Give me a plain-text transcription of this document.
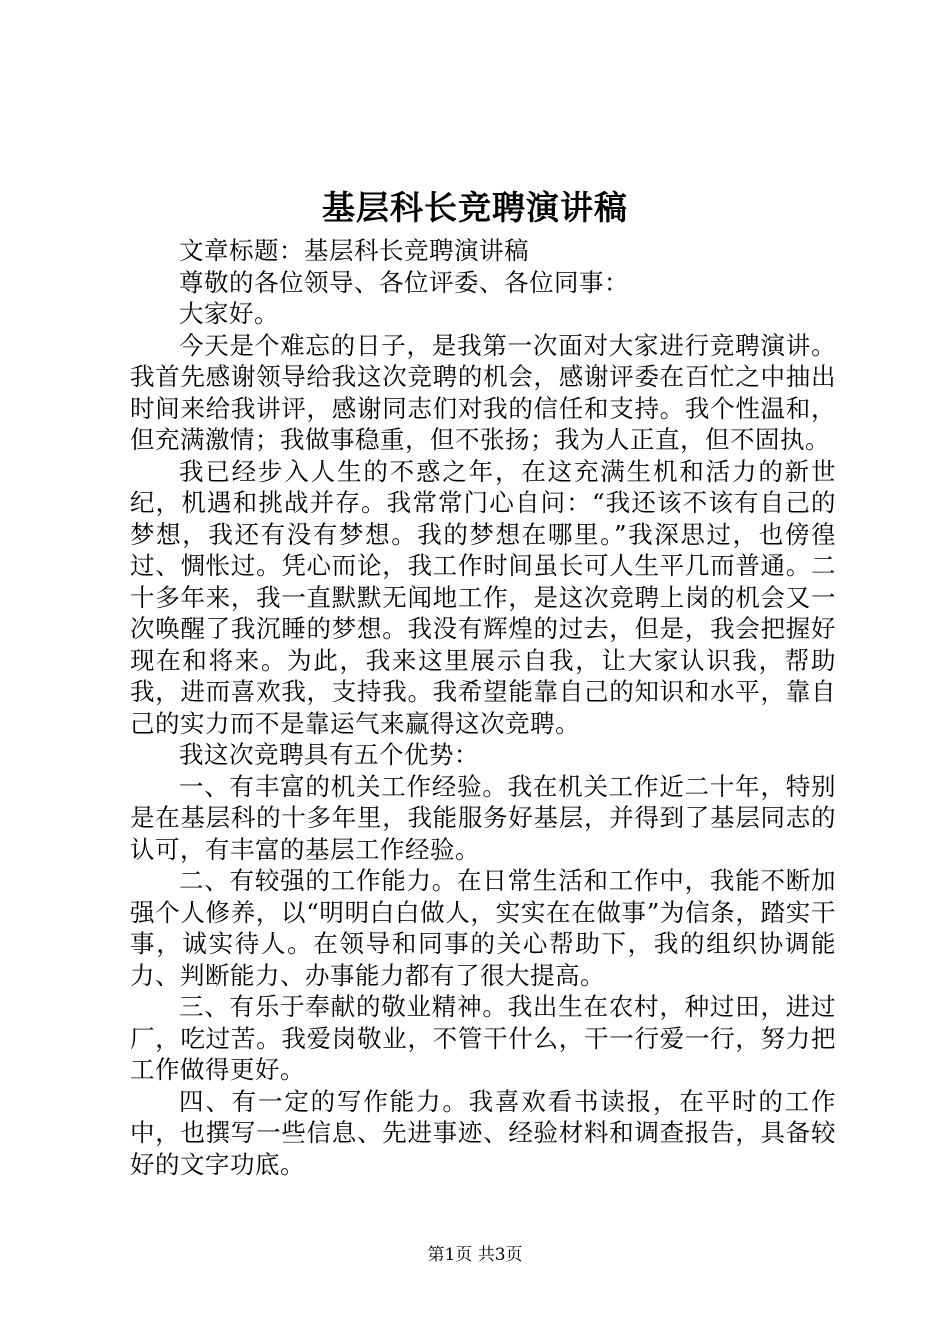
基层科长竞聘演讲稿

文章标题：基层科长竞聘演讲稿

尊敬的各位领导、各位评委、各位同事：

大家好。

今天是个难忘的日子，是我第一次面对大家进行竞聘演讲。我首先感谢领导给我这次竞聘的机会，感谢评委在百忙之中抽出时间来给我讲评，感谢同志们对我的信任和支持。我个性温和，但充满激情；我做事稳重，但不张扬；我为人正直，但不固执。

我已经步入人生的不惑之年，在这充满生机和活力的新世纪，机遇和挑战并存。我常常门心自问：“我还该不该有自己的梦想，我还有没有梦想。我的梦想在哪里。”我深思过，也傍徨过、惆怅过。凭心而论，我工作时间虽长可人生平几而普通。二十多年来，我一直默默无闻地工作，是这次竞聘上岗的机会又一次唤醒了我沉睡的梦想。我没有辉煌的过去，但是，我会把握好现在和将来。为此，我来这里展示自我，让大家认识我，帮助我，进而喜欢我，支持我。我希望能靠自己的知识和水平，靠自己的实力而不是靠运气来赢得这次竞聘。

我这次竞聘具有五个优势：

一、有丰富的机关工作经验。我在机关工作近二十年，特别是在基层科的十多年里，我能服务好基层，并得到了基层同志的认可，有丰富的基层工作经验。

二、有较强的工作能力。在日常生活和工作中，我能不断加强个人修养，以“明明白白做人，实实在在做事”为信条，踏实干事，诚实待人。在领导和同事的关心帮助下，我的组织协调能力、判断能力、办事能力都有了很大提高。

三、有乐于奉献的敬业精神。我出生在农村，种过田，进过厂，吃过苦。我爱岗敬业，不管干什么，干一行爱一行，努力把工作做得更好。

四、有一定的写作能力。我喜欢看书读报，在平时的工作中，也撰写一些信息、先进事迹、经验材料和调查报告，具备较好的文字功底。

第1页 共3页
